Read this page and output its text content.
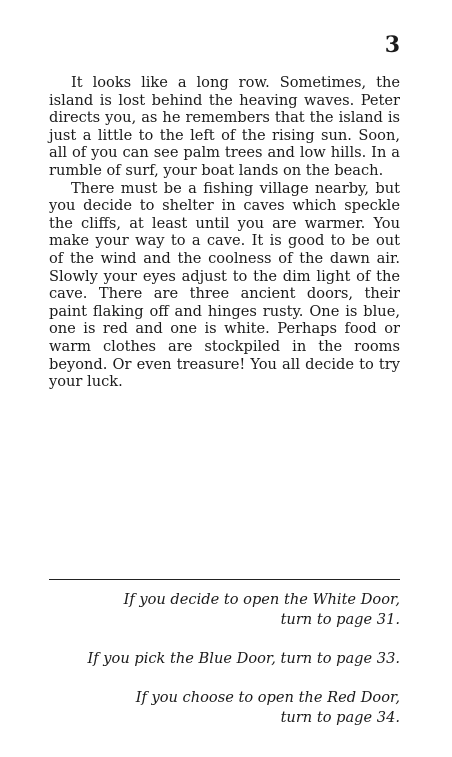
3

It looks like a long row. Sometimes, the island is lost behind the heaving waves. Peter directs you, as he remembers that the island is just a little to the left of the rising sun. Soon, all of you can see palm trees and low hills. In a rumble of surf, your boat lands on the beach.

There must be a fishing village nearby, but you decide to shelter in caves which speckle the cliffs, at least until you are warmer. You make your way to a cave. It is good to be out of the wind and the coolness of the dawn air. Slowly your eyes adjust to the dim light of the cave. There are three ancient doors, their paint flaking off and hinges rusty. One is blue, one is red and one is white. Perhaps food or warm clothes are stockpiled in the rooms beyond. Or even treasure! You all decide to try your luck.

If you decide to open the White Door,
turn to page 31.
If you pick the Blue Door, turn to page 33.
If you choose to open the Red Door,
turn to page 34.
